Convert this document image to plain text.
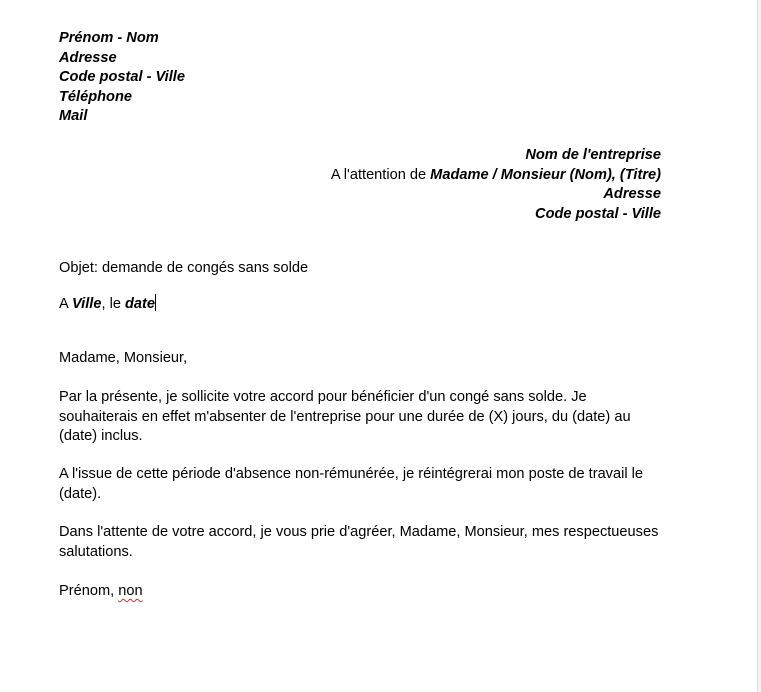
Prénom - Nom
Adresse
Code postal - Ville
Téléphone
Mail
Nom de l'entreprise
A l'attention de Madame / Monsieur (Nom), (Titre)
Adresse
Code postal - Ville

Objet: demande de congés sans solde

A Ville, le date

Madame, Monsieur,

Par la présente, je sollicite votre accord pour bénéficier d'un congé sans solde. Je souhaiterais en effet m'absenter de l'entreprise pour une durée de (X) jours, du (date) au (date) inclus.

A l'issue de cette période d'absence non-rémunérée, je réintégrerai mon poste de travail le (date).

Dans l'attente de votre accord, je vous prie d'agréer, Madame, Monsieur, mes respectueuses salutations.

Prénom, non
